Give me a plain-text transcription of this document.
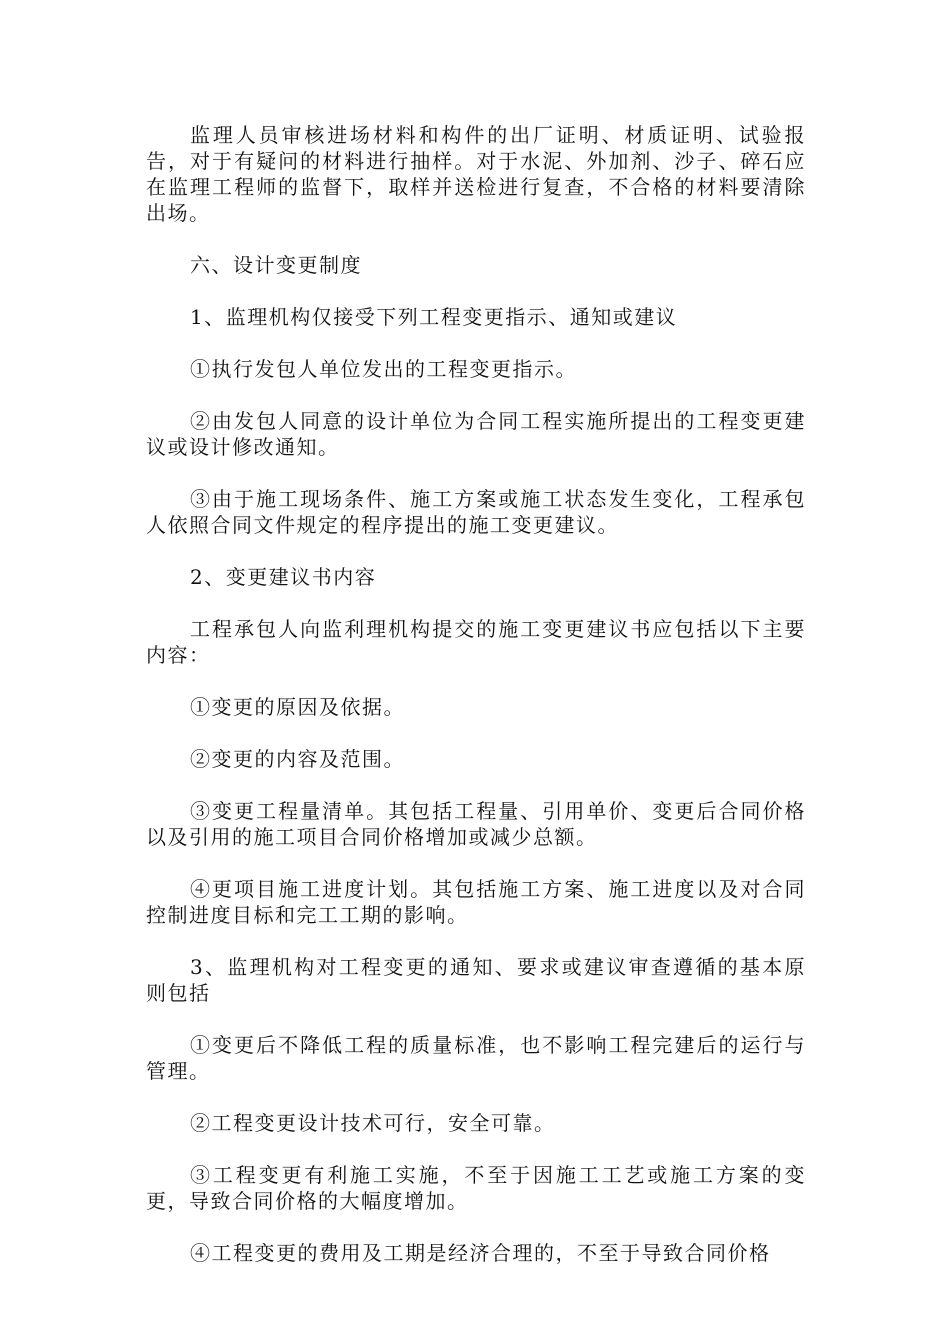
监理人员审核进场材料和构件的出厂证明、材质证明、试验报告，对于有疑问的材料进行抽样。对于水泥、外加剂、沙子、碎石应在监理工程师的监督下，取样并送检进行复查，不合格的材料要清除出场。

六、设计变更制度

1、监理机构仅接受下列工程变更指示、通知或建议

①执行发包人单位发出的工程变更指示。

②由发包人同意的设计单位为合同工程实施所提出的工程变更建议或设计修改通知。

③由于施工现场条件、施工方案或施工状态发生变化，工程承包人依照合同文件规定的程序提出的施工变更建议。

2、变更建议书内容

工程承包人向监利理机构提交的施工变更建议书应包括以下主要内容：

①变更的原因及依据。

②变更的内容及范围。

③变更工程量清单。其包括工程量、引用单价、变更后合同价格以及引用的施工项目合同价格增加或减少总额。

④更项目施工进度计划。其包括施工方案、施工进度以及对合同控制进度目标和完工工期的影响。

3、监理机构对工程变更的通知、要求或建议审查遵循的基本原则包括

①变更后不降低工程的质量标准，也不影响工程完建后的运行与管理。

②工程变更设计技术可行，安全可靠。

③工程变更有利施工实施，不至于因施工工艺或施工方案的变更，导致合同价格的大幅度增加。

④工程变更的费用及工期是经济合理的，不至于导致合同价格
